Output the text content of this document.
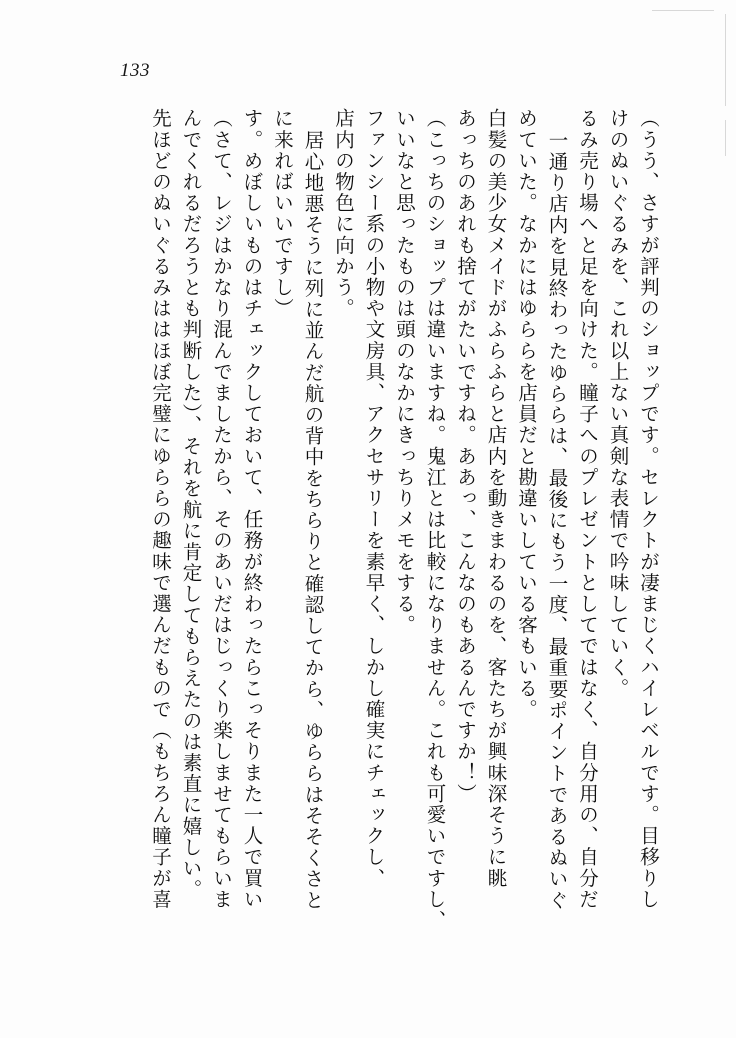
133
先ほどのぬいぐるみははほぼ完璧にゆららの趣味で選んだもので（もちろん瞳子が喜 んでくれるだろうとも判断した）、それを航に肯定してもらえたのは素直に嬉しい。 （さて、レジはかなり混んでましたから、そのあいだはじっくり楽しませてもらいま す。めぼしいものはチェックしておいて、任務が終わったらこっそりまた一人で買い に来ればいいですし） 居心地悪そうに列に並んだ航の背中をちらりと確認してから、ゆららはそそくさと 店内の物色に向かう。 ファンシー系の小物や文房具、アクセサリーを素早く、しかし確実にチェックし、 いいなと思ったものは頭のなかにきっちりメモをする。 （こっちのショップは違いますね。鬼江とは比較になりません。これも可愛いですし、 あっちのあれも捨てがたいですね。ああっ、こんなのもあるんですか！） 白髪の美少女メイドがふらふらと店内を動きまわるのを、客たちが興味深そうに眺 めていた。なかにはゆららを店員だと勘違いしている客もいる。 一通り店内を見終わったゆららは、最後にもう一度、最重要ポイントであるぬいぐ るみ売り場へと足を向けた。瞳子へのプレゼントとしてではなく、自分用の、自分だ けのぬいぐるみを、これ以上ない真剣な表情で吟味していく。 （うう、さすが評判のショップです。セレクトが凄まじくハイレベルです。目移りし
